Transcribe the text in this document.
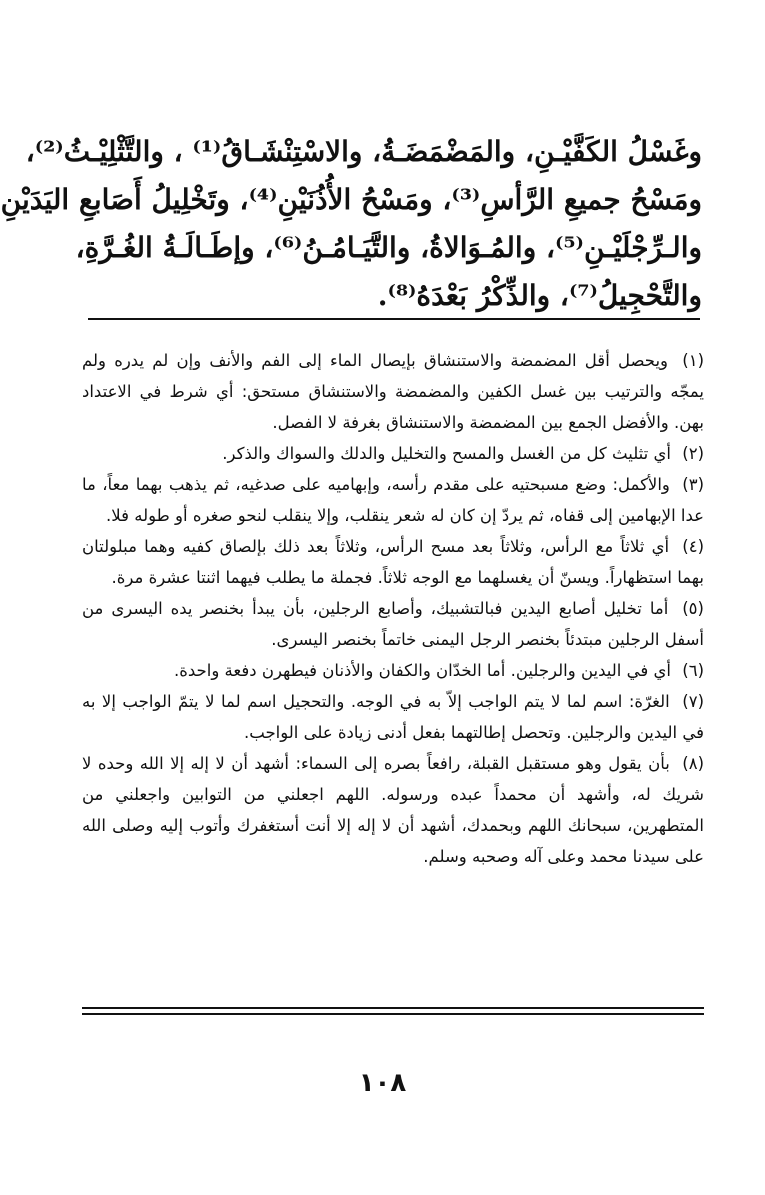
وغَسْلُ الكَفَّيْـنِ، والمَضْمَضَـةُ، والاسْتِنْشَـاقُ⁽¹⁾ ، والتَّثْلِيْـثُ⁽²⁾،
ومَسْحُ جميعِ الرَّأسِ⁽³⁾، ومَسْحُ الأُذُنَيْنِ⁽⁴⁾، وتَخْلِيلُ أَصَابعِ اليَدَيْنِ
والـرِّجْلَيْـنِ⁽⁵⁾، والمُـوَالاةُ، والتَّيَـامُـنُ⁽⁶⁾، وإطَـالَـةُ الغُـرَّةِ،
والتَّحْجِيلُ⁽⁷⁾، والذِّكْرُ بَعْدَهُ⁽⁸⁾.

(١) ويحصل أقل المضمضة والاستنشاق بإيصال الماء إلى الفم والأنف وإن لم يدره ولم يمجّه والترتيب بين غسل الكفين والمضمضة والاستنشاق مستحق: أي شرط في الاعتداد بهن. والأفضل الجمع بين المضمضة والاستنشاق بغرفة لا الفصل.

(٢) أي تثليث كل من الغسل والمسح والتخليل والدلك والسواك والذكر.

(٣) والأكمل: وضع مسبحتيه على مقدم رأسه، وإبهاميه على صدغيه، ثم يذهب بهما معاً، ما عدا الإبهامين إلى قفاه، ثم يردّ إن كان له شعر ينقلب، وإلا ينقلب لنحو صغره أو طوله فلا.

(٤) أي ثلاثاً مع الرأس، وثلاثاً بعد مسح الرأس، وثلاثاً بعد ذلك بإلصاق كفيه وهما مبلولتان بهما استظهاراً. ويسنّ أن يغسلهما مع الوجه ثلاثاً. فجملة ما يطلب فيهما اثنتا عشرة مرة.

(٥) أما تخليل أصابع اليدين فبالتشبيك، وأصابع الرجلين، بأن يبدأ بخنصر يده اليسرى من أسفل الرجلين مبتدئاً بخنصر الرجل اليمنى خاتماً بخنصر اليسرى.

(٦) أي في اليدين والرجلين. أما الخدّان والكفان والأذنان فيطهرن دفعة واحدة.

(٧) الغرّة: اسم لما لا يتم الواجب إلاّ به في الوجه. والتحجيل اسم لما لا يتمّ الواجب إلا به في اليدين والرجلين. وتحصل إطالتهما بفعل أدنى زيادة على الواجب.

(٨) بأن يقول وهو مستقبل القبلة، رافعاً بصره إلى السماء: أشهد أن لا إله إلا الله وحده لا شريك له، وأشهد أن محمداً عبده ورسوله. اللهم اجعلني من التوابين واجعلني من المتطهرين، سبحانك اللهم وبحمدك، أشهد أن لا إله إلا أنت أستغفرك وأتوب إليه وصلى الله على سيدنا محمد وعلى آله وصحبه وسلم.

١٠٨
